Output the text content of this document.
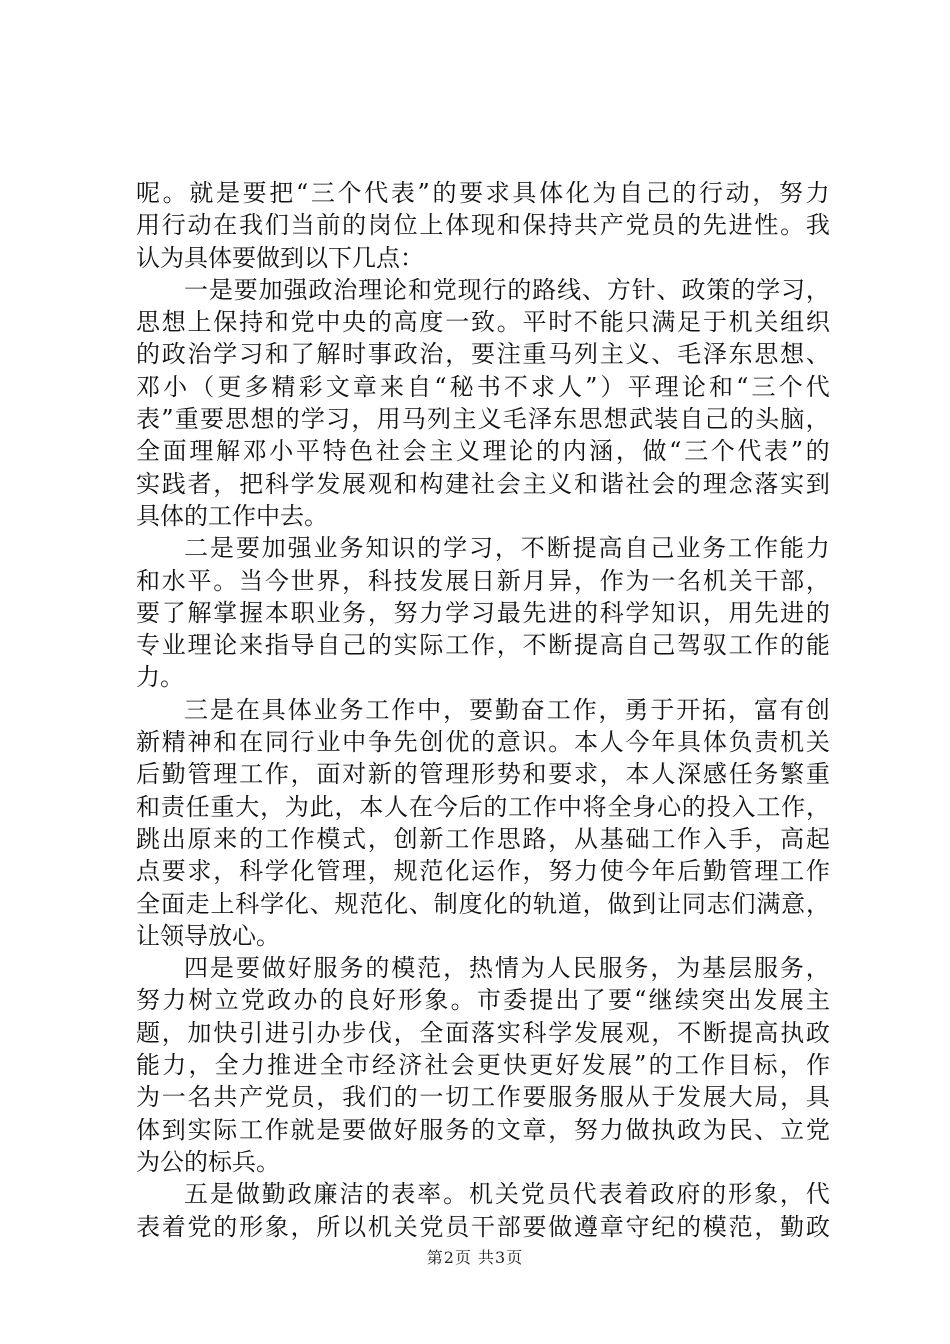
呢 。 就 是 要 把 “ 三 个 代 表 ” 的 要 求 具 体 化 为 自 己 的 行 动 ， 努 力
用 行 动 在 我 们 当 前 的 岗 位 上 体 现 和 保 持 共 产 党 员 的 先 进 性 。 我
认为具体要做到以下几点：
一 是 要 加 强 政 治 理 论 和 党 现 行 的 路 线 、 方 针 、 政 策 的 学 习 ，
思 想 上 保 持 和 党 中 央 的 高 度 一 致 。 平 时 不 能 只 满 足 于 机 关 组 织
的 政 治 学 习 和 了 解 时 事 政 治 ， 要 注 重 马 列 主 义 、 毛 泽 东 思 想 、
邓 小 （ 更 多 精 彩 文 章 来 自 “ 秘 书 不 求 人 ” ） 平 理 论 和 “ 三 个 代
表 ” 重 要 思 想 的 学 习 ， 用 马 列 主 义 毛 泽 东 思 想 武 装 自 己 的 头 脑 ，
全 面 理 解 邓 小 平 特 色 社 会 主 义 理 论 的 内 涵 ， 做 “ 三 个 代 表 ” 的
实 践 者 ， 把 科 学 发 展 观 和 构 建 社 会 主 义 和 谐 社 会 的 理 念 落 实 到
具体的工作中去。
二 是 要 加 强 业 务 知 识 的 学 习 ， 不 断 提 高 自 己 业 务 工 作 能 力
和 水 平 。 当 今 世 界 ， 科 技 发 展 日 新 月 异 ， 作 为 一 名 机 关 干 部 ，
要 了 解 掌 握 本 职 业 务 ， 努 力 学 习 最 先 进 的 科 学 知 识 ， 用 先 进 的
专 业 理 论 来 指 导 自 己 的 实 际 工 作 ， 不 断 提 高 自 己 驾 驭 工 作 的 能
力。
三 是 在 具 体 业 务 工 作 中 ， 要 勤 奋 工 作 ， 勇 于 开 拓 ， 富 有 创
新 精 神 和 在 同 行 业 中 争 先 创 优 的 意 识 。 本 人 今 年 具 体 负 责 机 关
后 勤 管 理 工 作 ， 面 对 新 的 管 理 形 势 和 要 求 ， 本 人 深 感 任 务 繁 重
和 责 任 重 大 ， 为 此 ， 本 人 在 今 后 的 工 作 中 将 全 身 心 的 投 入 工 作 ，
跳 出 原 来 的 工 作 模 式 ， 创 新 工 作 思 路 ， 从 基 础 工 作 入 手 ， 高 起
点 要 求 ， 科 学 化 管 理 ， 规 范 化 运 作 ， 努 力 使 今 年 后 勤 管 理 工 作
全 面 走 上 科 学 化 、 规 范 化 、 制 度 化 的 轨 道 ， 做 到 让 同 志 们 满 意 ，
让领导放心。
四 是 要 做 好 服 务 的 模 范 ， 热 情 为 人 民 服 务 ， 为 基 层 服 务 ，
努 力 树 立 党 政 办 的 良 好 形 象 。 市 委 提 出 了 要 “ 继 续 突 出 发 展 主
题 ， 加 快 引 进 引 办 步 伐 ， 全 面 落 实 科 学 发 展 观 ， 不 断 提 高 执 政
能 力 ， 全 力 推 进 全 市 经 济 社 会 更 快 更 好 发 展 ” 的 工 作 目 标 ， 作
为 一 名 共 产 党 员 ， 我 们 的 一 切 工 作 要 服 务 服 从 于 发 展 大 局 ， 具
体 到 实 际 工 作 就 是 要 做 好 服 务 的 文 章 ， 努 力 做 执 政 为 民 、 立 党
为公的标兵。
五 是 做 勤 政 廉 洁 的 表 率 。 机 关 党 员 代 表 着 政 府 的 形 象 ， 代
表 着 党 的 形 象 ， 所 以 机 关 党 员 干 部 要 做 遵 章 守 纪 的 模 范 ， 勤 政
第2页 共3页
